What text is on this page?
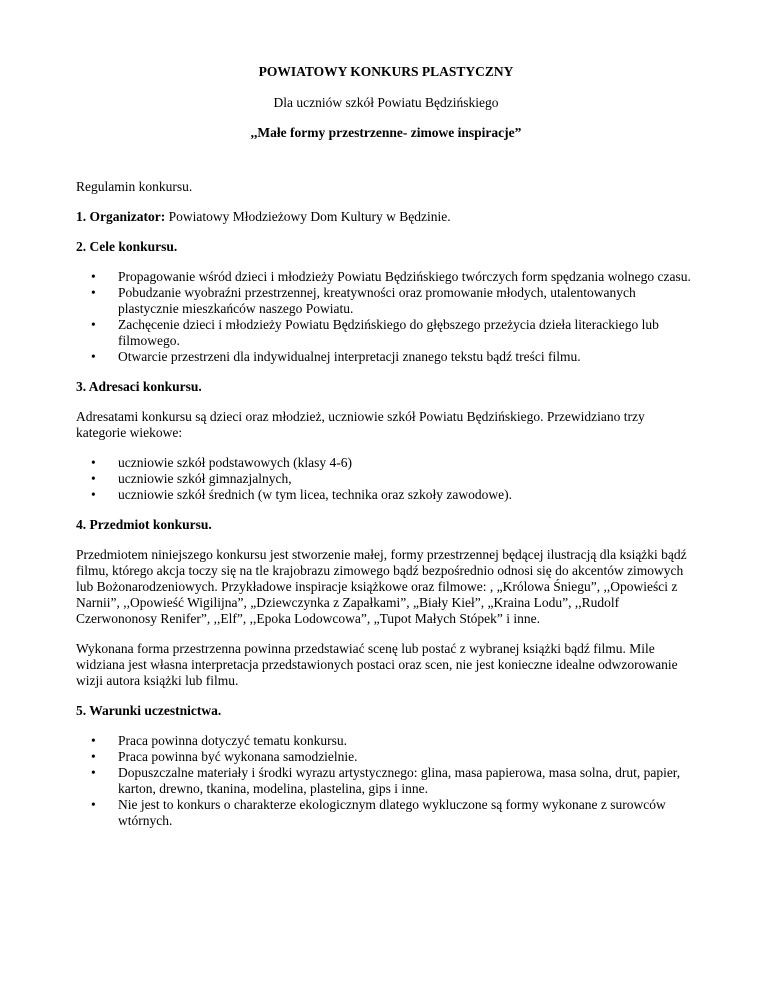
POWIATOWY KONKURS PLASTYCZNY

Dla uczniów szkół Powiatu Będzińskiego

,,Małe formy przestrzenne- zimowe inspiracje”

Regulamin konkursu.

1. Organizator: Powiatowy Młodzieżowy Dom Kultury w Będzinie.

2. Cele konkursu.

• Propagowanie wśród dzieci i młodzieży Powiatu Będzińskiego twórczych form spędzania wolnego czasu.
• Pobudzanie wyobraźni przestrzennej, kreatywności oraz promowanie młodych, utalentowanych plastycznie mieszkańców naszego Powiatu.
• Zachęcenie dzieci i młodzieży Powiatu Będzińskiego do głębszego przeżycia dzieła literackiego lub filmowego.
• Otwarcie przestrzeni dla indywidualnej interpretacji znanego tekstu bądź treści filmu.

3. Adresaci konkursu.

Adresatami konkursu są dzieci oraz młodzież, uczniowie szkół Powiatu Będzińskiego. Przewidziano trzy kategorie wiekowe:

• uczniowie szkół podstawowych (klasy 4-6)
• uczniowie szkół gimnazjalnych,
• uczniowie szkół średnich (w tym licea, technika oraz szkoły zawodowe).

4. Przedmiot konkursu.

Przedmiotem niniejszego konkursu jest stworzenie małej, formy przestrzennej będącej ilustracją dla książki bądź filmu, którego akcja toczy się na tle krajobrazu zimowego bądź bezpośrednio odnosi się do akcentów zimowych lub Bożonarodzeniowych. Przykładowe inspiracje książkowe oraz filmowe: , „Królowa Śniegu”, ,,Opowieści z Narnii”, ,,Opowieść Wigilijna”, „Dziewczynka z Zapałkami”, „Biały Kieł”, „Kraina Lodu”, ,,Rudolf Czerwononosy Renifer”, ,,Elf”, ,,Epoka Lodowcowa”, „Tupot Małych Stópek” i inne.

Wykonana forma przestrzenna powinna przedstawiać scenę lub postać z wybranej książki bądź filmu. Mile widziana jest własna interpretacja przedstawionych postaci oraz scen, nie jest konieczne idealne odwzorowanie wizji autora książki lub filmu.

5. Warunki uczestnictwa.

• Praca powinna dotyczyć tematu konkursu.
• Praca powinna być wykonana samodzielnie.
• Dopuszczalne materiały i środki wyrazu artystycznego: glina, masa papierowa, masa solna, drut, papier, karton, drewno, tkanina, modelina, plastelina, gips i inne.
• Nie jest to konkurs o charakterze ekologicznym dlatego wykluczone są formy wykonane z surowców wtórnych.
